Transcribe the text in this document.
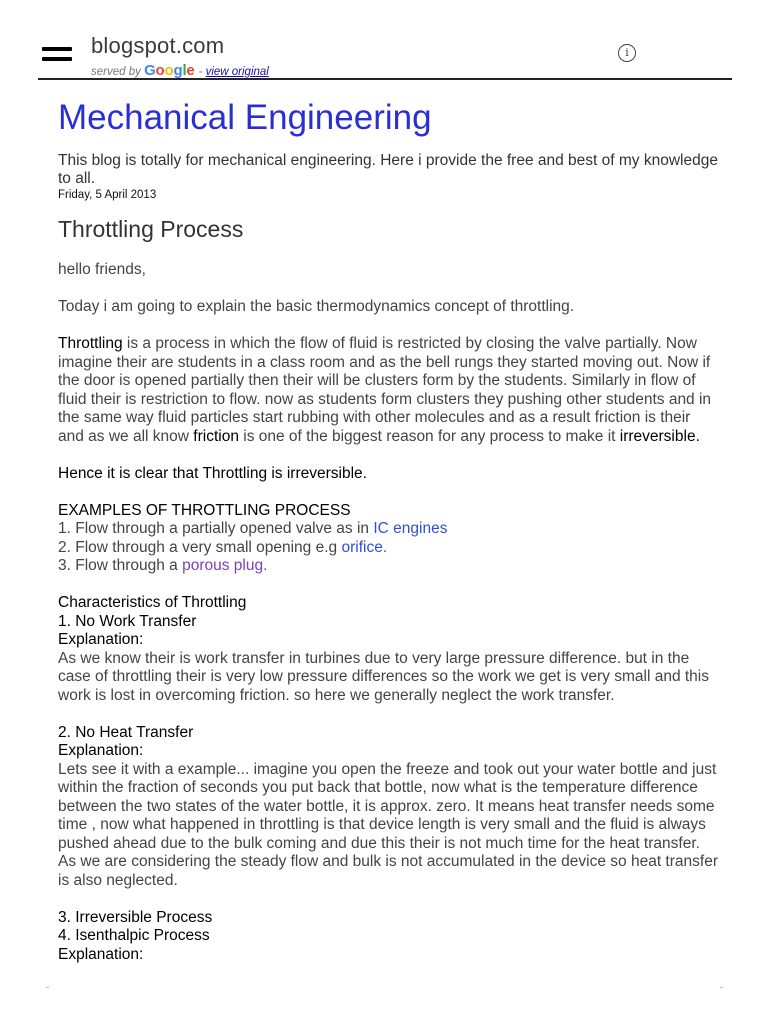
blogspot.com
served by Google - view original
i
Mechanical Engineering
This blog is totally for mechanical engineering. Here i provide the free and best of my knowledge to all.
Friday, 5 April 2013
Throttling Process

hello friends,

Today i am going to explain the basic thermodynamics concept of throttling.

Throttling is a process in which the flow of fluid is restricted by closing the valve partially. Now imagine their are students in a class room and as the bell rungs they started moving out. Now if the door is opened partially then their will be clusters form by the students. Similarly in flow of fluid their is restriction to flow. now as students form clusters they pushing other students and in the same way fluid particles start rubbing with other molecules and as a result friction is their and as we all know friction is one of the biggest reason for any process to make it irreversible.

Hence it is clear that Throttling is irreversible.

EXAMPLES OF THROTTLING PROCESS

1. Flow through a partially opened valve as in IC engines

2. Flow through a very small opening e.g orifice.

3. Flow through a porous plug.

Characteristics of Throttling

1. No Work Transfer

Explanation:

As we know their is work transfer in turbines due to very large pressure difference. but in the case of throttling their is very low pressure differences so the work we get is very small and this work is lost in overcoming friction. so here we generally neglect the work transfer.

2. No Heat Transfer

Explanation:

Lets see it with a example... imagine you open the freeze and took out your water bottle and just within the fraction of seconds you put back that bottle, now what is the temperature difference between the two states of the water bottle, it is approx. zero. It means heat transfer needs some time , now what happened in throttling is that device length is very small and the fluid is always pushed ahead due to the bulk coming and due this their is not much time for the heat transfer. As we are considering the steady flow and bulk is not accumulated in the device so heat transfer is also neglected.

3. Irreversible Process

4. Isenthalpic Process

Explanation:
